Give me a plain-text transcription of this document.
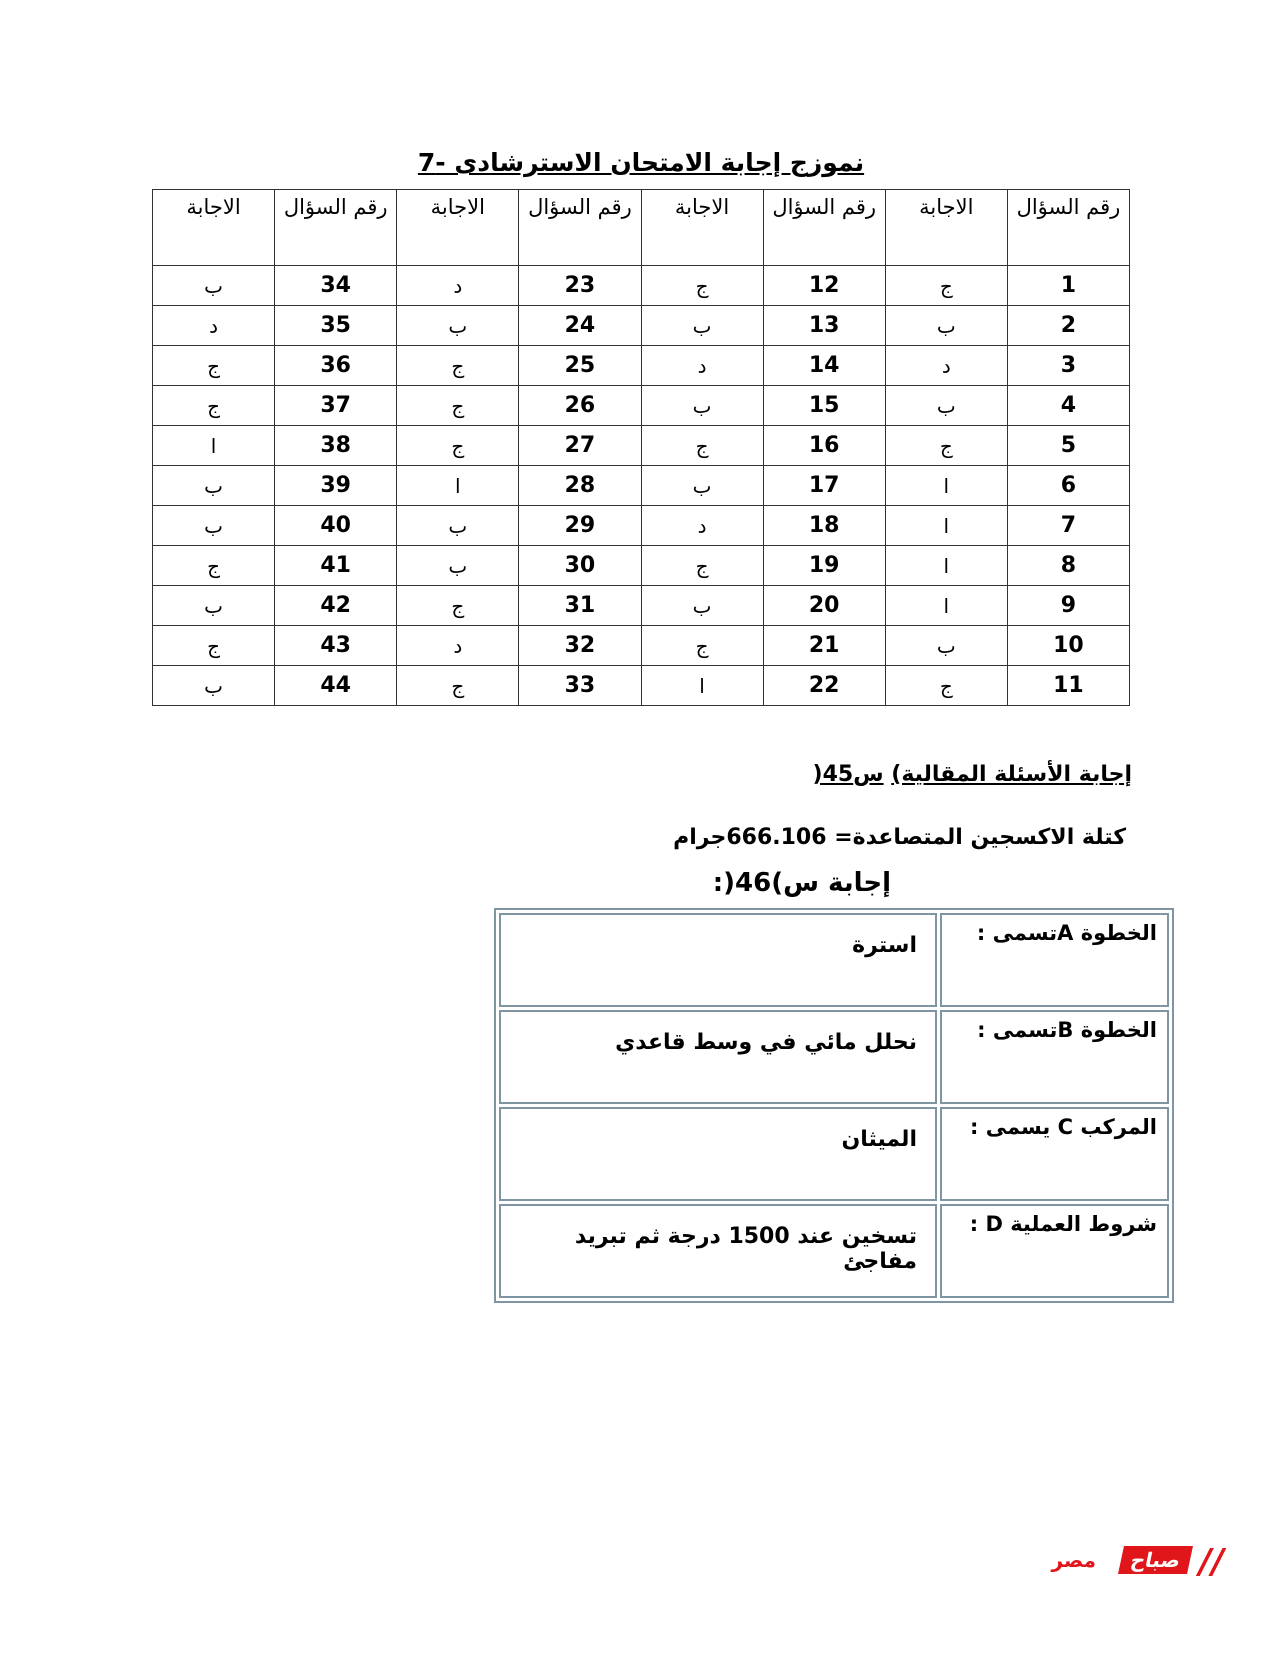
نموزج إجابة الامتحان الاسترشادى -7
رقم السؤال	الاجابة	رقم السؤال	الاجابة	رقم السؤال	الاجابة	رقم السؤال	الاجابة
1	ج	12	ج	23	د	34	ب
2	ب	13	ب	24	ب	35	د
3	د	14	د	25	ج	36	ج
4	ب	15	ب	26	ج	37	ج
5	ج	16	ج	27	ج	38	ا
6	ا	17	ب	28	ا	39	ب
7	ا	18	د	29	ب	40	ب
8	ا	19	ج	30	ب	41	ج
9	ا	20	ب	31	ج	42	ب
10	ب	21	ج	32	د	43	ج
11	ج	22	ا	33	ج	44	ب
إجابة الأسئلة المقالية) س45(
كتلة الاكسجين المتصاعدة= 666.106جرام
إجابة س)46(:
الخطوة Aتسمى :	استرة
الخطوة Bتسمى :	نحلل مائي في وسط قاعدي
المركب C يسمى :	الميثان
شروط العملية D :	تسخين عند 1500 درجة ثم تبريد مفاجئ
//
صباح
مصر
